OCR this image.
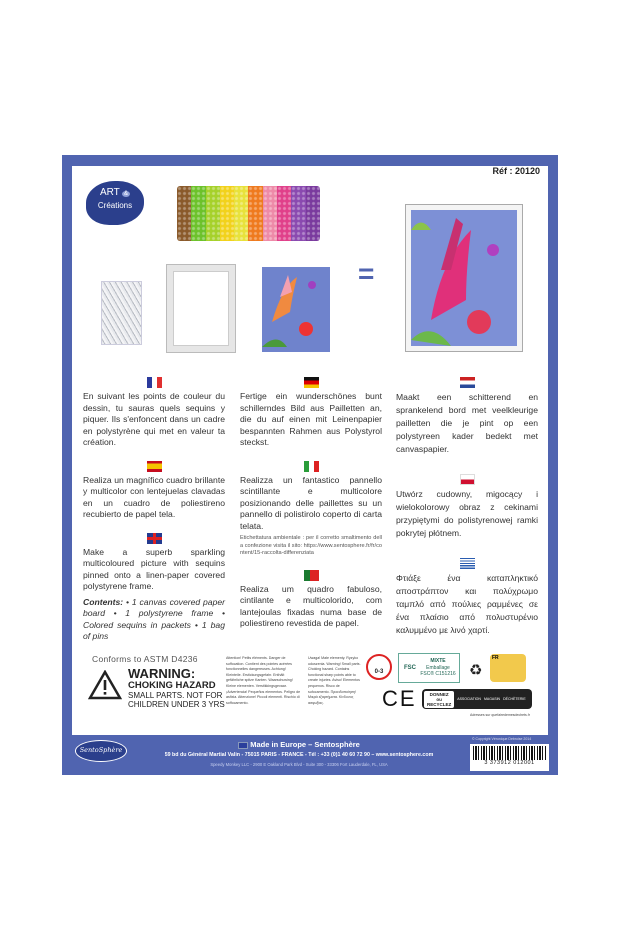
Réf : 20120
ART &
Créations
=
En suivant les points de couleur du dessin, tu sauras quels sequins y piquer. Ils s'enfoncent dans un cadre en polystyrène qui met en valeur ta création.
Realiza un magnífico cuadro brillante y multicolor con lentejuelas clavadas en un cuadro de poliestireno recubierto de papel tela.
Make a superb sparkling multicoloured picture with sequins pinned onto a linen-paper covered polystyrene frame.
Contents: • 1 canvas covered paper board • 1 polystyrene frame • Colored sequins in packets • 1 bag of pins
Fertige ein wunderschönes bunt schillerndes Bild aus Pailletten an, die du auf einen mit Leinenpapier bespannten Rahmen aus Polystyrol steckst.
Realizza un fantastico pannello scintillante e multicolore posizionando delle paillettes su un pannello di polistirolo coperto di carta telata.
Etichettatura ambientale : per il corretto smaltimento della confezione visita il sito: https://www.sentosphere.fr/fr/content/15-raccolta-differenziata
Realiza um quadro fabuloso, cintilante e multicolorido, com lantejoulas fixadas numa base de poliestireno revestida de papel.
Maakt een schitterend en sprankelend bord met veelkleurige pailletten die je pint op een polystyreen kader bedekt met canvaspapier.
Utwórz cudowny, migocący i wielokolorowy obraz z cekinami przypiętymi do polistyrenowej ramki pokrytej płótnem.
Φτιάξε ένα καταπληκτικό αποστράπτον και πολύχρωμο ταμπλό από πούλιες ραμμένες σε ένα πλαίσιο από πολυστυρένιο καλυμμένο με λινό χαρτί.
Conforms to ASTM D4236
WARNING:
CHOKING HAZARD
SMALL PARTS. NOT FOR
CHILDREN UNDER 3 YRS
Attention! Petits éléments. Danger de suffocation. Contient des pointes acérées fonctionnelles dangereuses. Achtung! Kleinteile. Erstickungsgefahr. Enthält gefährliche spitze Kanten. Waarschuwing! Kleine elementen. Verstikkingsgevaar. ¡Advertencia! Pequeños elementos. Peligro de asfixia. Attenzione! Piccoli elementi. Rischio di soffocamento.
Uwaga! Małe elementy. Ryzyko uduszenia. Warning! Small parts. Choking hazard. Contains functional sharp points able to create injuries. Aviso! Elementos pequenos. Risco de sufocamento. Προειδοποίηση! Μικρά εξαρτήματα. Κίνδυνος ασφυξίας.
0-3
FSC
MIXTE
Emballage
FSC® C151216 ♻
FR
CE	DONNEZ
ou
RECYCLEZ
ASSOCIATION MAGASIN DÉCHÈTERIE
Adresses sur quefairedemesdechets.fr
SentoSphère
Made in Europe – Sentosphère
59 bd du Général Martial Valin - 75015 PARIS - FRANCE - Tél : +33 (0)1 40 60 72 90 – www.sentosphere.com
Speedy Monkey LLC - 2900 E Oakland Park Blvd - Suite 300 - 33306 Fort Lauderdale, FL, USA
© Copyright Véronique Debroise 2014
3 373912 012001
